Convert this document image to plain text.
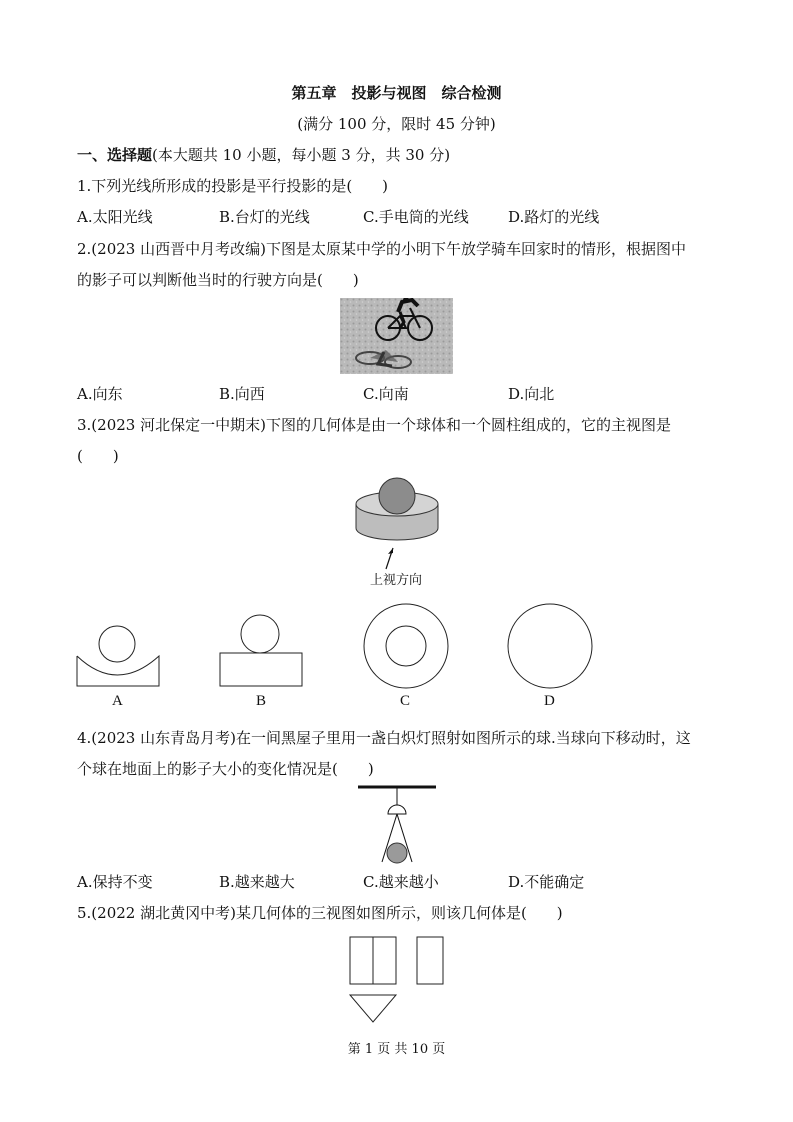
第五章　投影与视图　综合检测
(满分 100 分，限时 45 分钟)
一、选择题(本大题共 10 小题，每小题 3 分，共 30 分)
1.下列光线所形成的投影是平行投影的是(　　)
A.太阳光线	B.台灯的光线	C.手电筒的光线	D.路灯的光线
2.(2023 山西晋中月考改编)下图是太原某中学的小明下午放学骑车回家时的情形，根据图中
的影子可以判断他当时的行驶方向是(　　)
A.向东	B.向西	C.向南	D.向北
3.(2023 河北保定一中期末)下图的几何体是由一个球体和一个圆柱组成的，它的主视图是
(　　)
上视方向
A	B	C	D
4.(2023 山东青岛月考)在一间黑屋子里用一盏白炽灯照射如图所示的球.当球向下移动时，这
个球在地面上的影子大小的变化情况是(　　)
A.保持不变	B.越来越大	C.越来越小	D.不能确定
5.(2022 湖北黄冈中考)某几何体的三视图如图所示，则该几何体是(　　)
第 1 页 共 10 页
